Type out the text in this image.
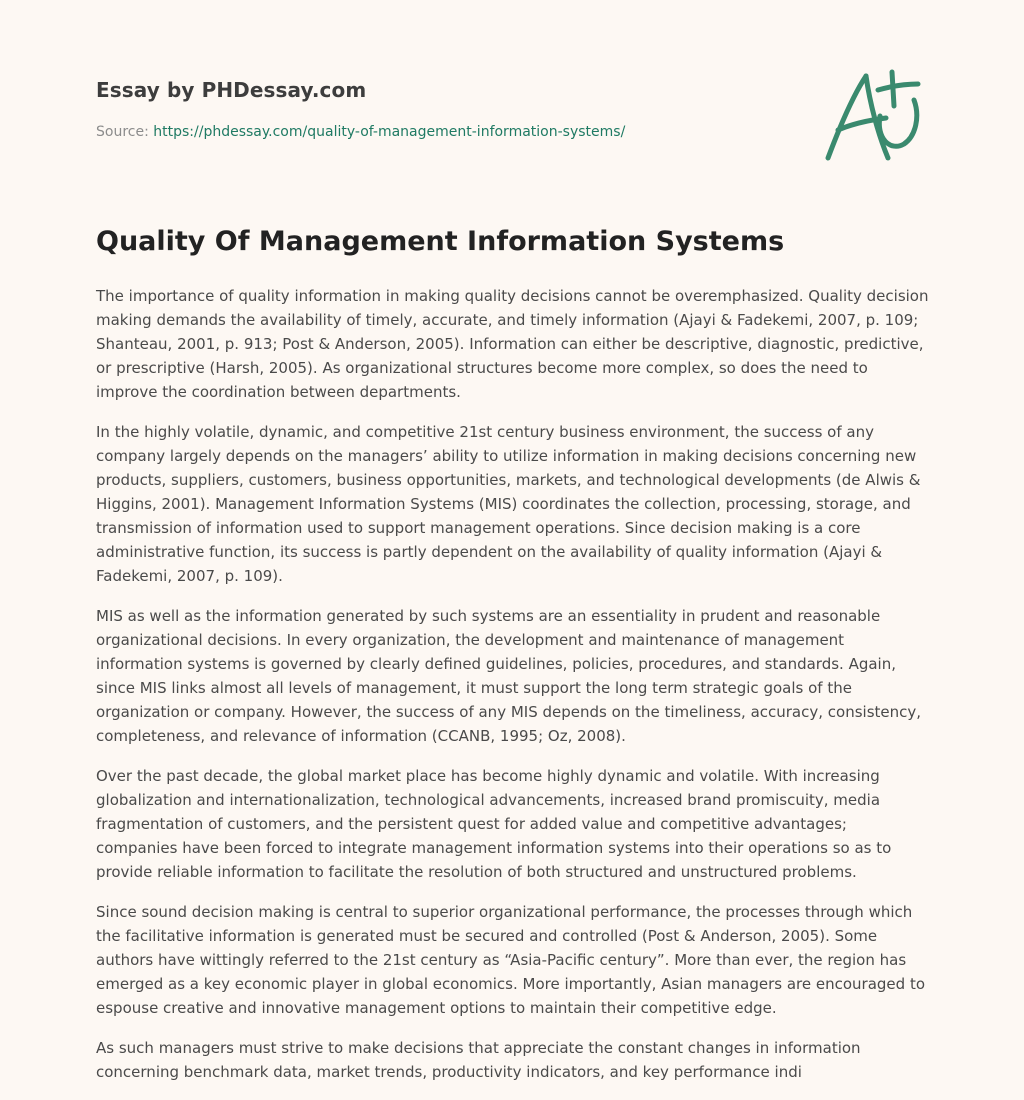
Essay by PHDessay.com
Source: https://phdessay.com/quality-of-management-information-systems/
Quality Of Management Information Systems

The importance of quality information in making quality decisions cannot be overemphasized. Quality decision making demands the availability of timely, accurate, and timely information (Ajayi & Fadekemi, 2007, p. 109; Shanteau, 2001, p. 913; Post & Anderson, 2005). Information can either be descriptive, diagnostic, predictive, or prescriptive (Harsh, 2005). As organizational structures become more complex, so does the need to improve the coordination between departments.

In the highly volatile, dynamic, and competitive 21st century business environment, the success of any company largely depends on the managers’ ability to utilize information in making decisions concerning new products, suppliers, customers, business opportunities, markets, and technological developments (de Alwis & Higgins, 2001). Management Information Systems (MIS) coordinates the collection, processing, storage, and transmission of information used to support management operations. Since decision making is a core administrative function, its success is partly dependent on the availability of quality information (Ajayi & Fadekemi, 2007, p. 109).

MIS as well as the information generated by such systems are an essentiality in prudent and reasonable organizational decisions. In every organization, the development and maintenance of management information systems is governed by clearly defined guidelines, policies, procedures, and standards. Again, since MIS links almost all levels of management, it must support the long term strategic goals of the organization or company. However, the success of any MIS depends on the timeliness, accuracy, consistency, completeness, and relevance of information (CCANB, 1995; Oz, 2008).

Over the past decade, the global market place has become highly dynamic and volatile. With increasing globalization and internationalization, technological advancements, increased brand promiscuity, media fragmentation of customers, and the persistent quest for added value and competitive advantages; companies have been forced to integrate management information systems into their operations so as to provide reliable information to facilitate the resolution of both structured and unstructured problems.

Since sound decision making is central to superior organizational performance, the processes through which the facilitative information is generated must be secured and controlled (Post & Anderson, 2005). Some authors have wittingly referred to the 21st century as “Asia-Pacific century”. More than ever, the region has emerged as a key economic player in global economics. More importantly, Asian managers are encouraged to espouse creative and innovative management options to maintain their competitive edge.

As such managers must strive to make decisions that appreciate the constant changes in information concerning benchmark data, market trends, productivity indicators, and key performance indi
